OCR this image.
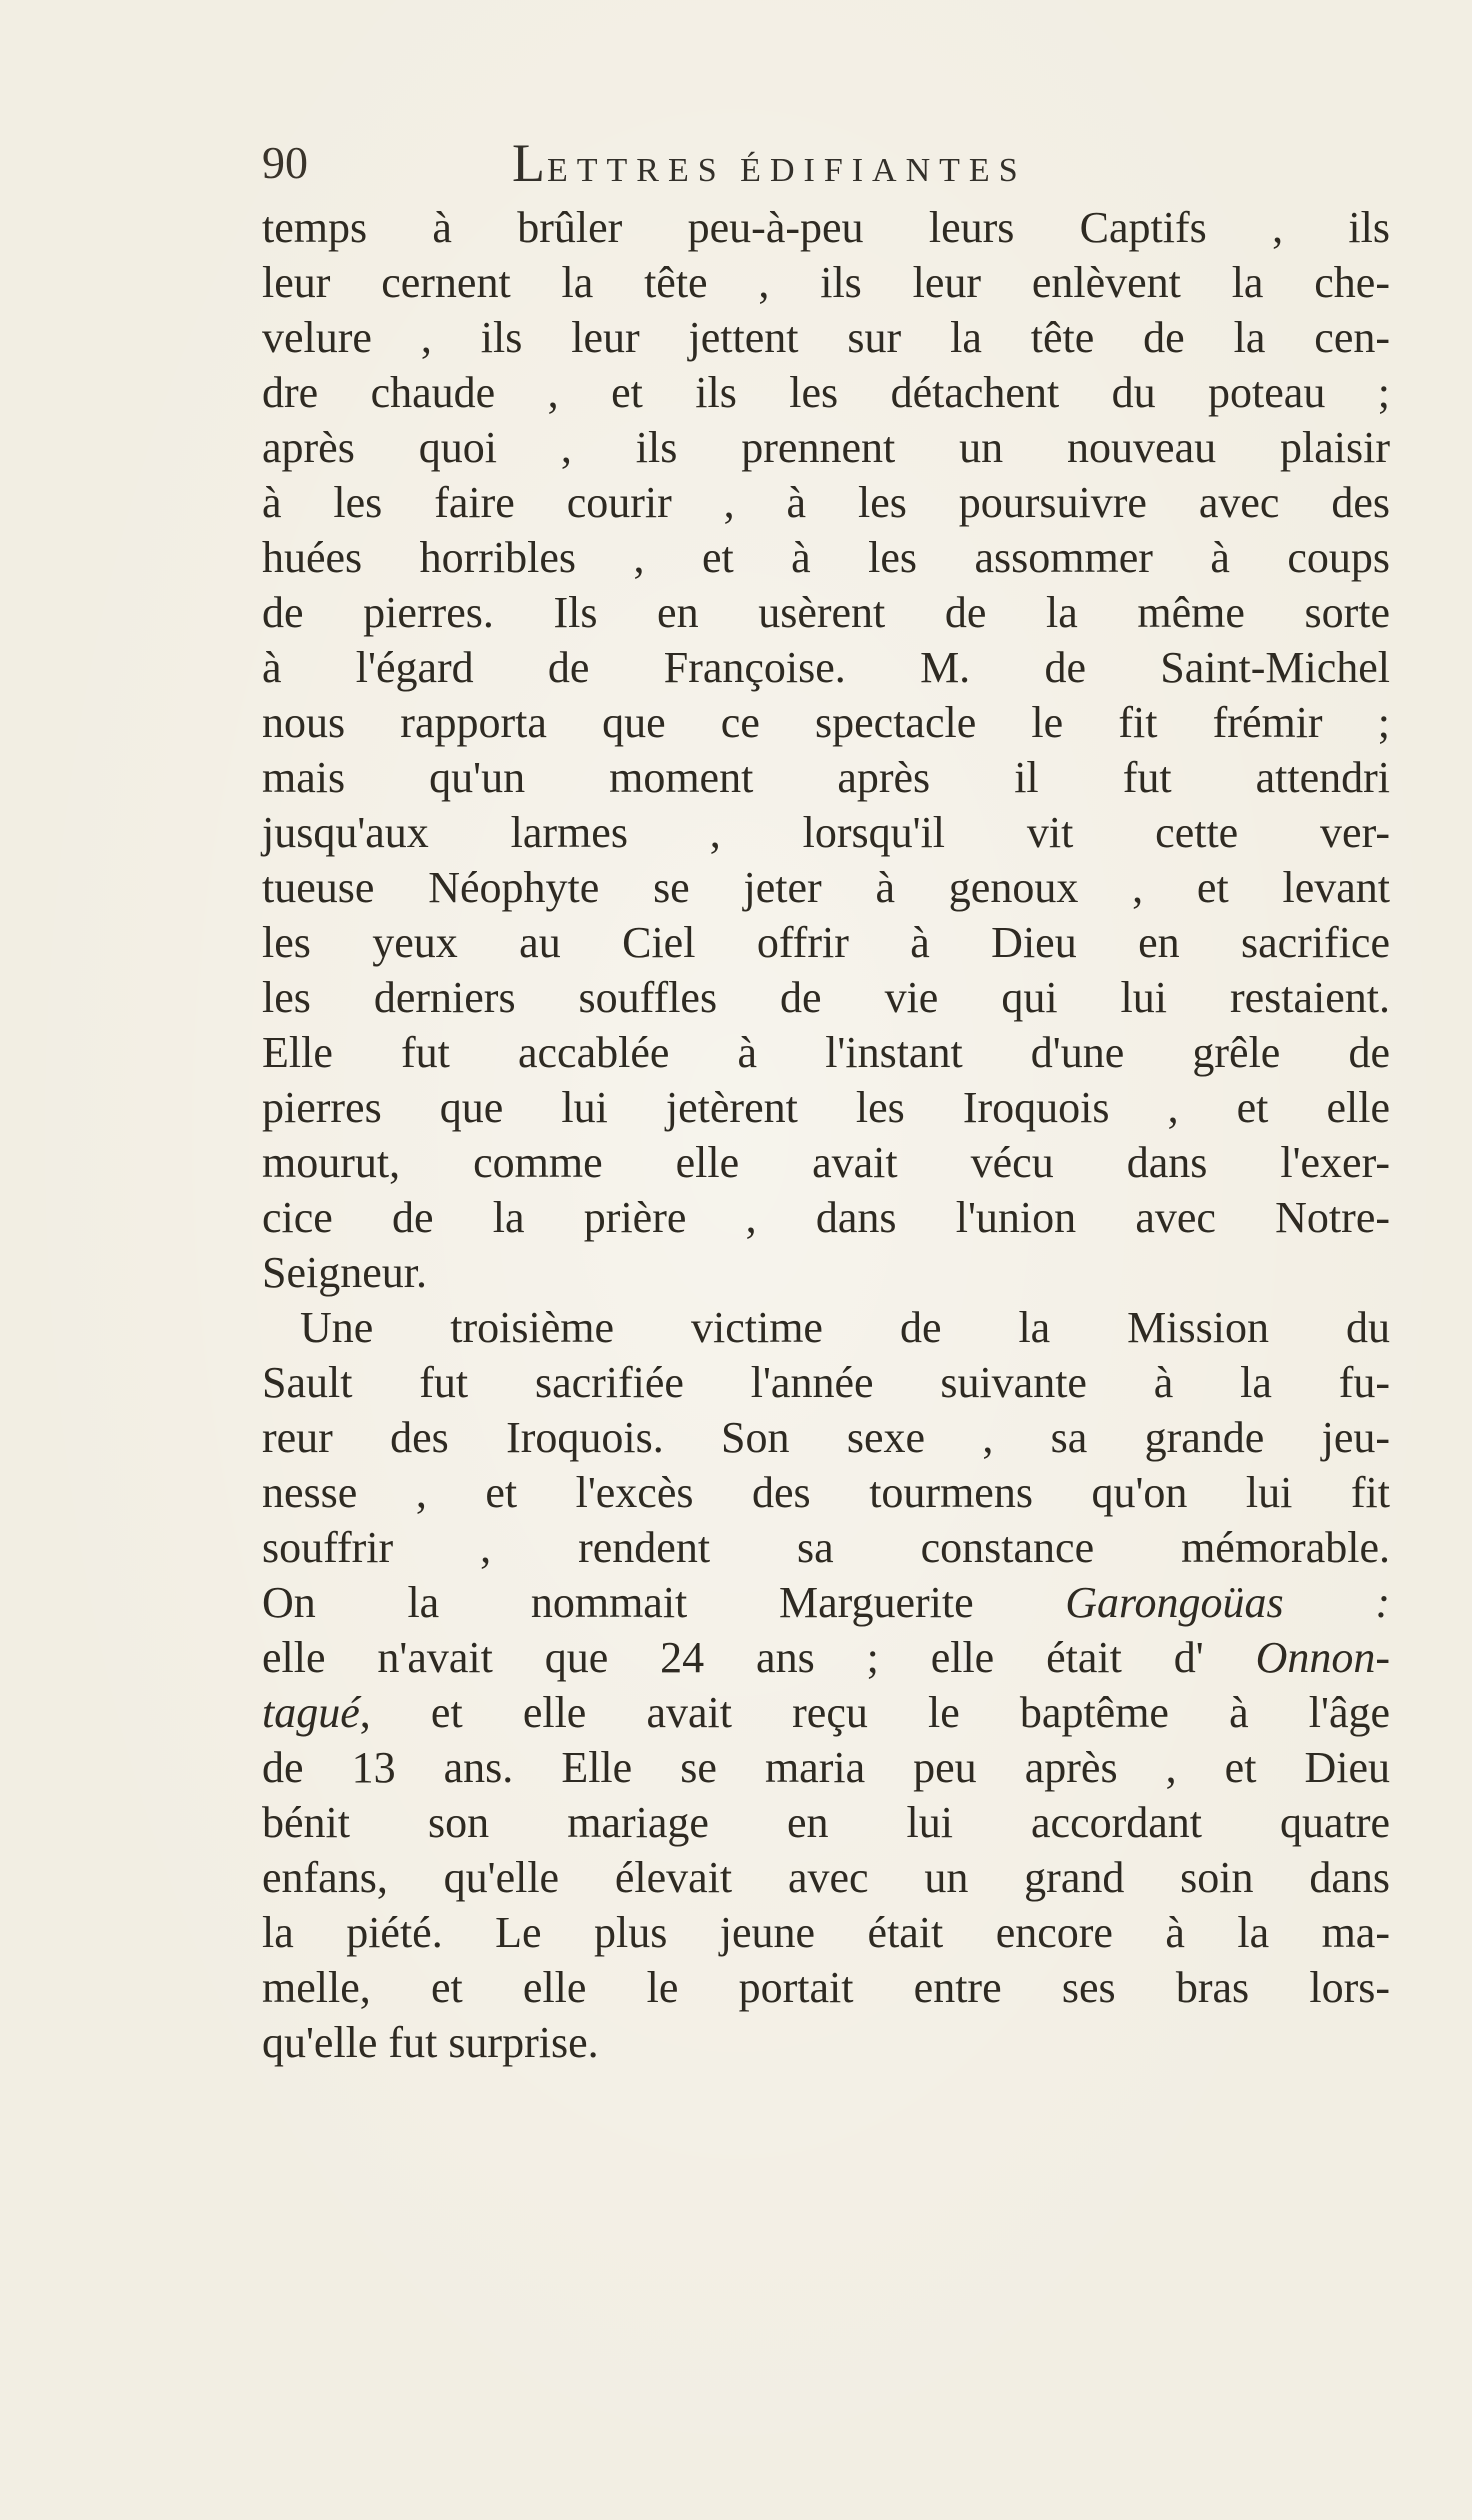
90	LETTRES ÉDIFIANTES
temps à brûler peu-à-peu leurs Captifs , ils
leur cernent la tête , ils leur enlèvent la che-
velure , ils leur jettent sur la tête de la cen-
dre chaude , et ils les détachent du poteau ;
après quoi , ils prennent un nouveau plaisir
à les faire courir , à les poursuivre avec des
huées horribles , et à les assommer à coups
de pierres. Ils en usèrent de la même sorte
à l'égard de Françoise. M. de Saint-Michel
nous rapporta que ce spectacle le fit frémir ;
mais qu'un moment après il fut attendri
jusqu'aux larmes , lorsqu'il vit cette ver-
tueuse Néophyte se jeter à genoux , et levant
les yeux au Ciel offrir à Dieu en sacrifice
les derniers souffles de vie qui lui restaient.
Elle fut accablée à l'instant d'une grêle de
pierres que lui jetèrent les Iroquois , et elle
mourut, comme elle avait vécu dans l'exer-
cice de la prière , dans l'union avec Notre-
Seigneur.
Une troisième victime de la Mission du
Sault fut sacrifiée l'année suivante à la fu-
reur des Iroquois. Son sexe , sa grande jeu-
nesse , et l'excès des tourmens qu'on lui fit
souffrir , rendent sa constance mémorable.
On la nommait Marguerite Garongoüas :
elle n'avait que 24 ans ; elle était d' Onnon-
tagué, et elle avait reçu le baptême à l'âge
de 13 ans. Elle se maria peu après , et Dieu
bénit son mariage en lui accordant quatre
enfans, qu'elle élevait avec un grand soin dans
la piété. Le plus jeune était encore à la ma-
melle, et elle le portait entre ses bras lors-
qu'elle fut surprise.
